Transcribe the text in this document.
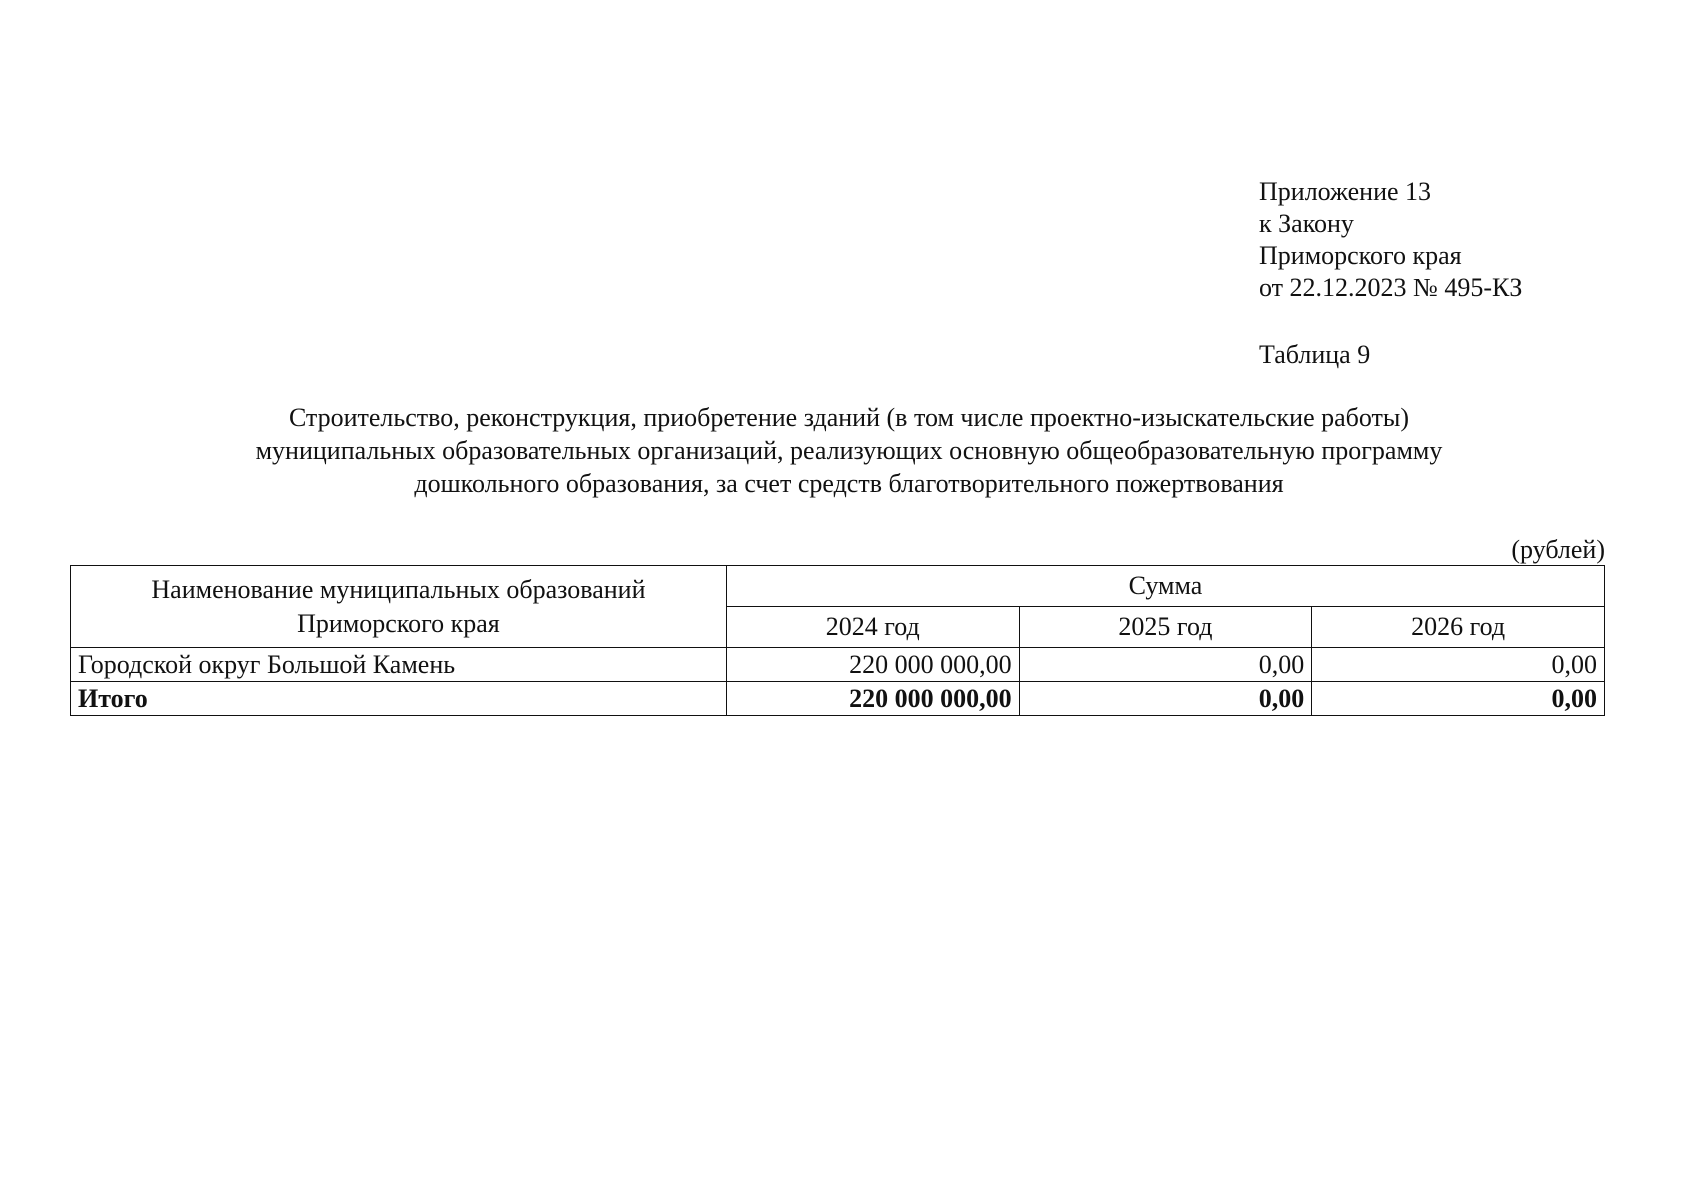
Приложение 13
к Закону
Приморского края
от 22.12.2023 № 495-КЗ
Таблица 9
Строительство, реконструкция, приобретение зданий (в том числе проектно-изыскательские работы)
муниципальных образовательных организаций, реализующих основную общеобразовательную программу
дошкольного образования, за счет средств благотворительного пожертвования
(рублей)
Наименование муниципальных образований
Приморского края	Сумма		
	2024 год	2025 год	2026 год
Городской округ Большой Камень	220 000 000,00	0,00	0,00
Итого	220 000 000,00	0,00	0,00
